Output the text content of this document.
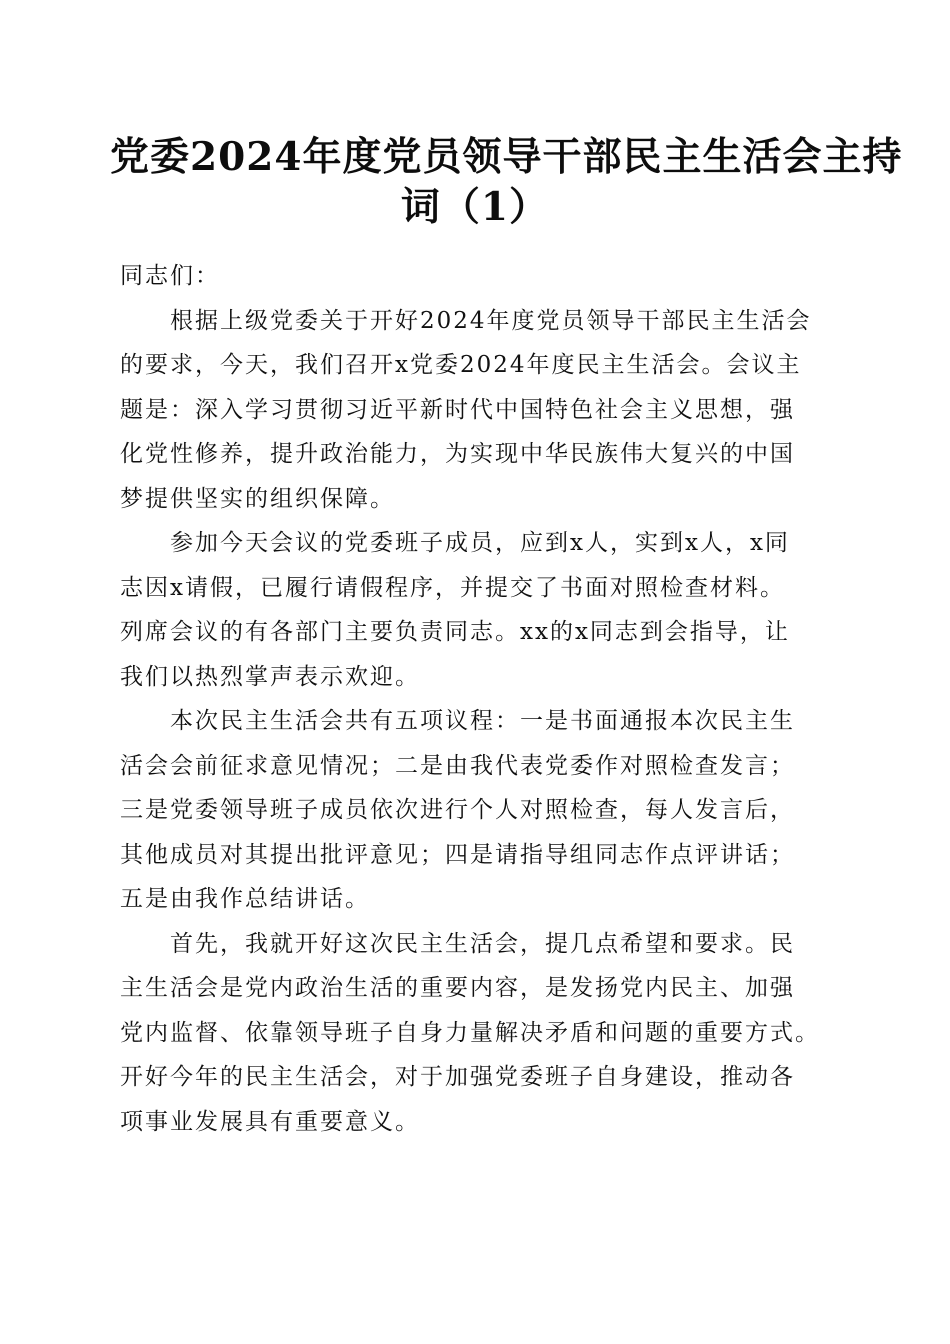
党委2024年度党员领导干部民主生活会主持
词（1）

同志们：

根据上级党委关于开好2024年度党员领导干部民主生活会
的要求，今天，我们召开x党委2024年度民主生活会。会议主
题是：深入学习贯彻习近平新时代中国特色社会主义思想，强
化党性修养，提升政治能力，为实现中华民族伟大复兴的中国
梦提供坚实的组织保障。

参加今天会议的党委班子成员，应到x人，实到x人，x同
志因x请假，已履行请假程序，并提交了书面对照检查材料。
列席会议的有各部门主要负责同志。xx的x同志到会指导，让
我们以热烈掌声表示欢迎。

本次民主生活会共有五项议程：一是书面通报本次民主生
活会会前征求意见情况；二是由我代表党委作对照检查发言；
三是党委领导班子成员依次进行个人对照检查，每人发言后，
其他成员对其提出批评意见；四是请指导组同志作点评讲话；
五是由我作总结讲话。

首先，我就开好这次民主生活会，提几点希望和要求。民
主生活会是党内政治生活的重要内容，是发扬党内民主、加强
党内监督、依靠领导班子自身力量解决矛盾和问题的重要方式。
开好今年的民主生活会，对于加强党委班子自身建设，推动各
项事业发展具有重要意义。
